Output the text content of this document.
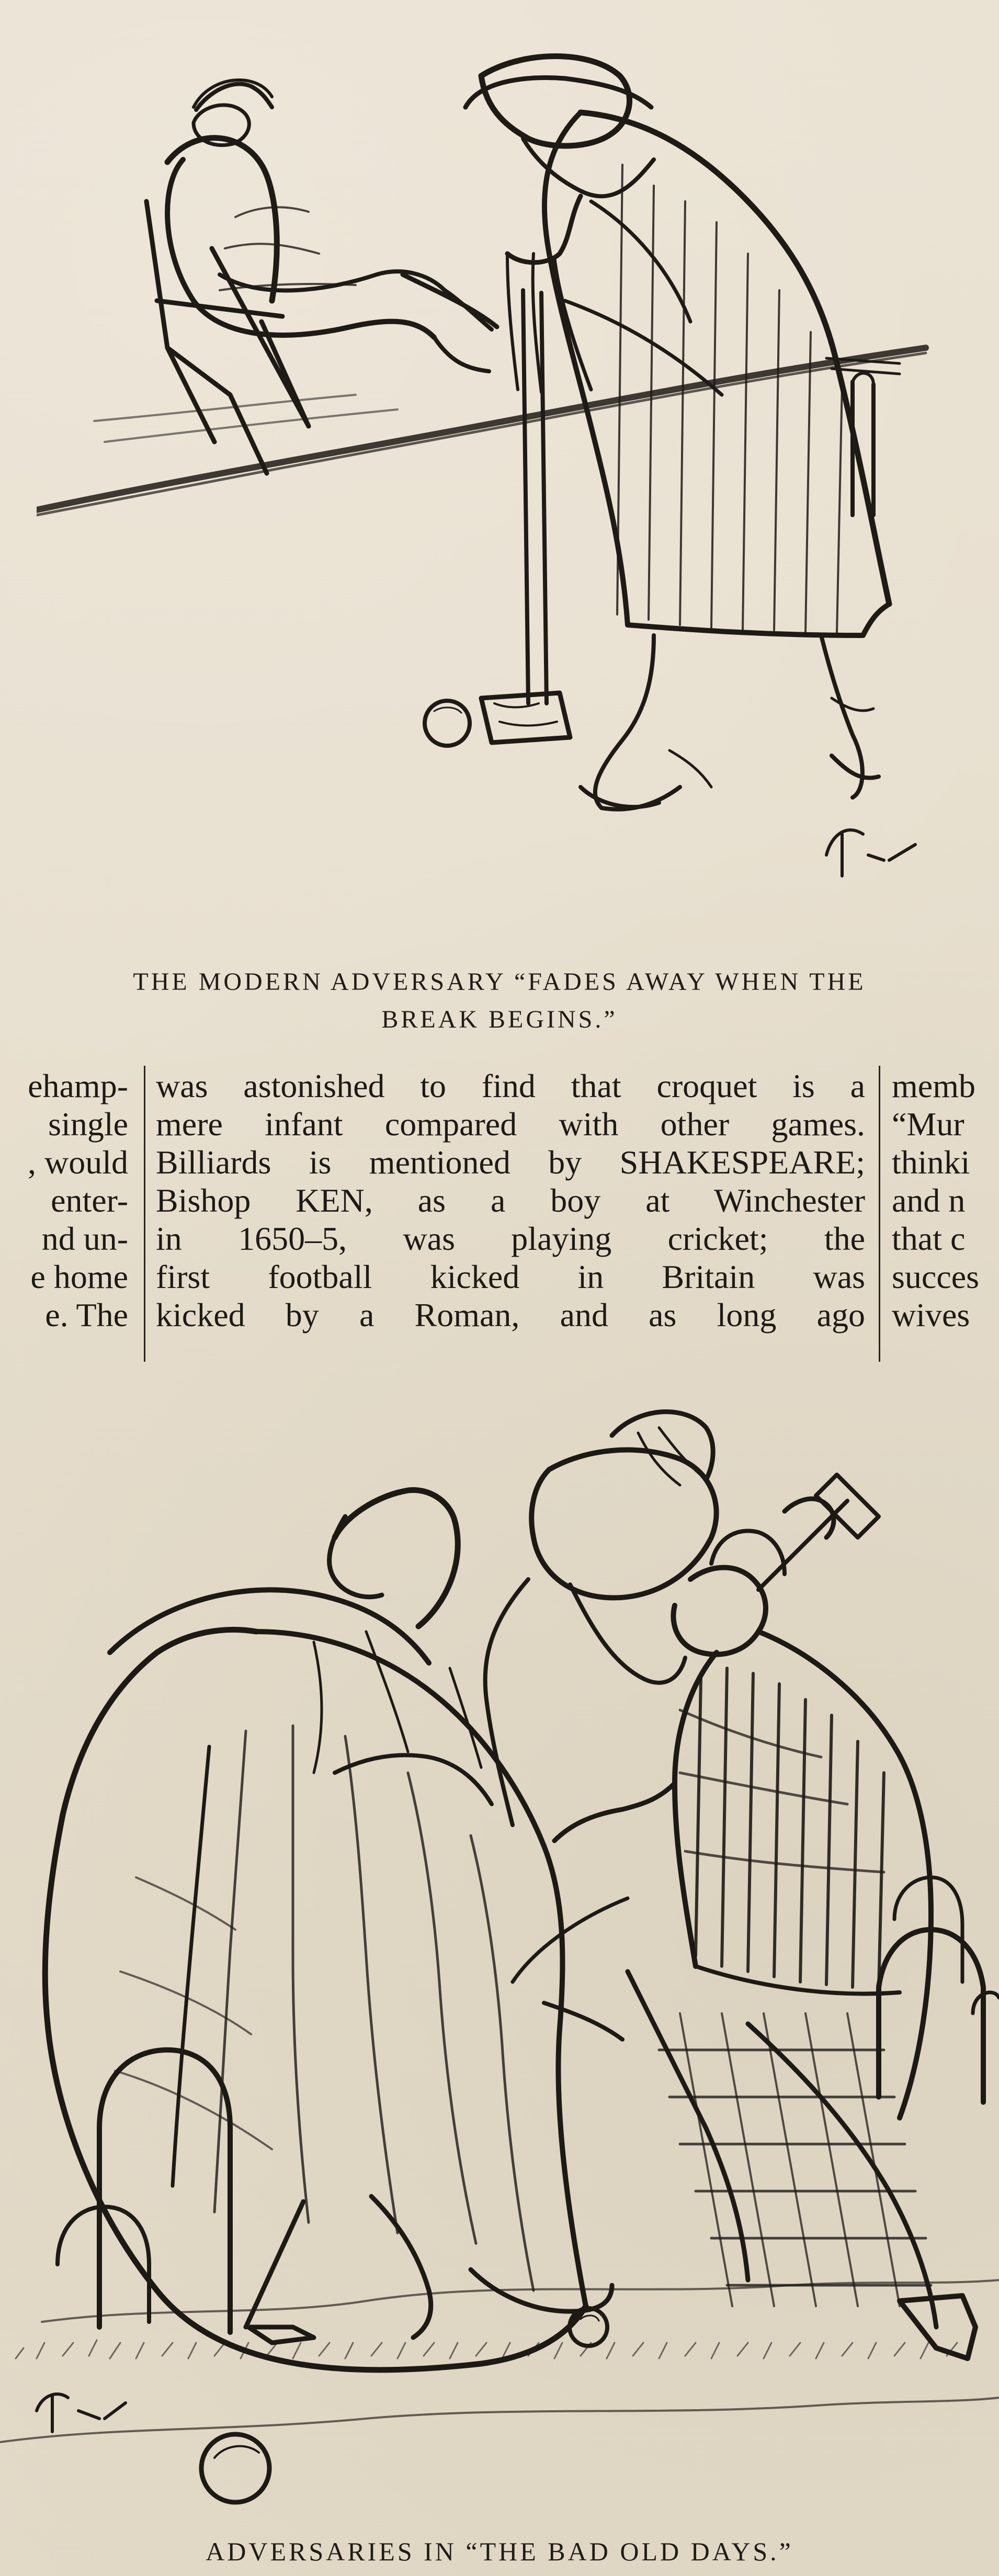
THE MODERN ADVERSARY “FADES AWAY WHEN THE
BREAK BEGINS.”
ehamp-
single
, would
enter-
nd un-
e home
e. The
was astonished to find that croquet is a
mere infant compared with other games.
Billiards is mentioned by SHAKESPEARE;
Bishop KEN, as a boy at Winchester
in 1650–5, was playing cricket; the
first football kicked in Britain was
kicked by a Roman, and as long ago
memb
“Mur
thinki
and n
that c
succes
wives
ADVERSARIES IN “THE BAD OLD DAYS.”
